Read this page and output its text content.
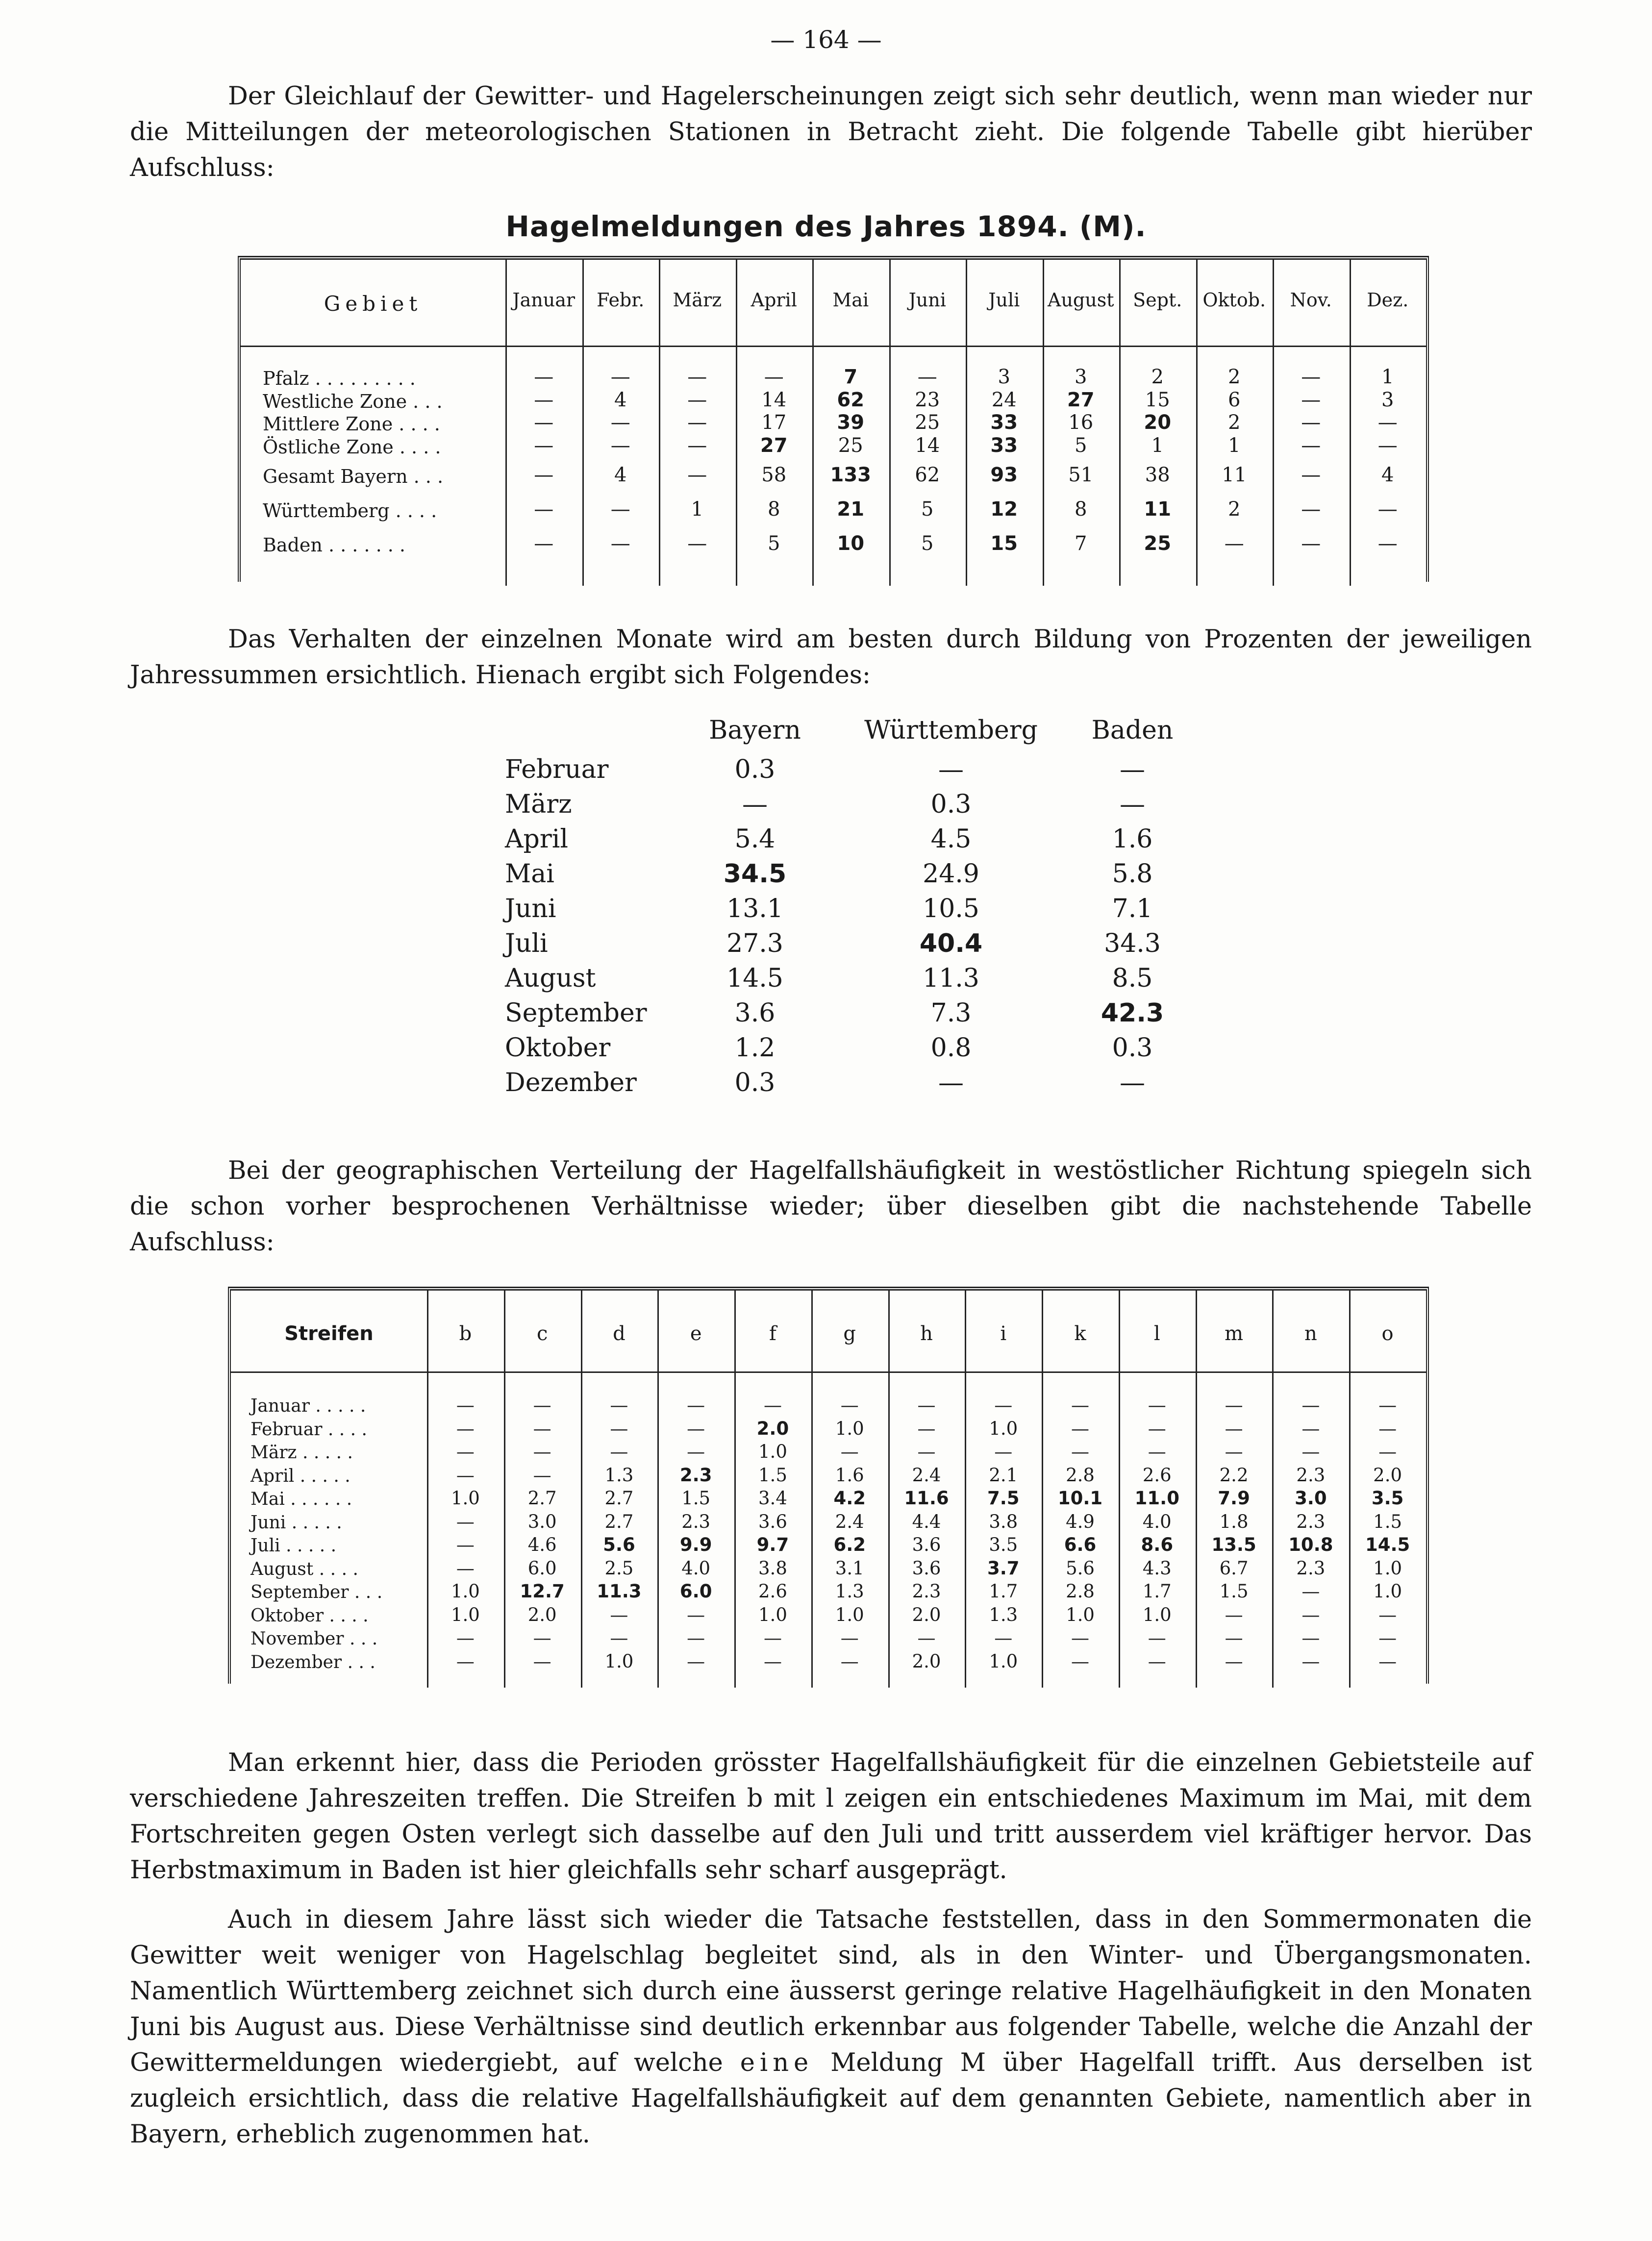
— 164 —
Der Gleichlauf der Gewitter- und Hagelerscheinungen zeigt sich sehr deutlich, wenn man wieder nur die Mitteilungen der meteorologischen Stationen in Betracht zieht. Die folgende Tabelle gibt hierüber Aufschluss:
Hagelmeldungen des Jahres 1894. (M).
Gebiet	Januar	Febr.	März	April	Mai	Juni	Juli	August	Sept.	Oktob.	Nov.	Dez.
Pfalz . . . . . . . . .	—	—	—	—	7	—	3	3	2	2	—	1
Westliche Zone . . .	—	4	—	14	62	23	24	27	15	6	—	3
Mittlere Zone . . . .	—	—	—	17	39	25	33	16	20	2	—	—
Östliche Zone . . . .	—	—	—	27	25	14	33	5	1	1	—	—
Gesamt Bayern . . .	—	4	—	58	133	62	93	51	38	11	—	4
Württemberg . . . .	—	—	1	8	21	5	12	8	11	2	—	—
Baden . . . . . . .	—	—	—	5	10	5	15	7	25	—	—	—
Das Verhalten der einzelnen Monate wird am besten durch Bildung von Prozenten der jeweiligen Jahressummen ersichtlich. Hienach ergibt sich Folgendes:
Bayern	Württemberg	Baden
Februar	0.3	—	—
März	—	0.3	—
April	5.4	4.5	1.6
Mai	34.5	24.9	5.8
Juni	13.1	10.5	7.1
Juli	27.3	40.4	34.3
August	14.5	11.3	8.5
September	3.6	7.3	42.3
Oktober	1.2	0.8	0.3
Dezember	0.3	—	—
Bei der geographischen Verteilung der Hagelfallshäufigkeit in westöstlicher Richtung spiegeln sich die schon vorher besprochenen Verhältnisse wieder; über dieselben gibt die nachstehende Tabelle Aufschluss:
Streifen	b	c	d	e	f	g	h	i	k	l	m	n	o
Januar . . . . .	—	—	—	—	—	—	—	—	—	—	—	—	—
Februar . . . .	—	—	—	—	2.0	1.0	—	1.0	—	—	—	—	—
März . . . . .	—	—	—	—	1.0	—	—	—	—	—	—	—	—
April . . . . .	—	—	1.3	2.3	1.5	1.6	2.4	2.1	2.8	2.6	2.2	2.3	2.0
Mai . . . . . .	1.0	2.7	2.7	1.5	3.4	4.2	11.6	7.5	10.1	11.0	7.9	3.0	3.5
Juni . . . . .	—	3.0	2.7	2.3	3.6	2.4	4.4	3.8	4.9	4.0	1.8	2.3	1.5
Juli . . . . .	—	4.6	5.6	9.9	9.7	6.2	3.6	3.5	6.6	8.6	13.5	10.8	14.5
August . . . .	—	6.0	2.5	4.0	3.8	3.1	3.6	3.7	5.6	4.3	6.7	2.3	1.0
September . . .	1.0	12.7	11.3	6.0	2.6	1.3	2.3	1.7	2.8	1.7	1.5	—	1.0
Oktober . . . .	1.0	2.0	—	—	1.0	1.0	2.0	1.3	1.0	1.0	—	—	—
November . . .	—	—	—	—	—	—	—	—	—	—	—	—	—
Dezember . . .	—	—	1.0	—	—	—	2.0	1.0	—	—	—	—	—
Man erkennt hier, dass die Perioden grösster Hagelfallshäufigkeit für die einzelnen Gebietsteile auf verschiedene Jahreszeiten treffen. Die Streifen b mit l zeigen ein entschiedenes Maximum im Mai, mit dem Fortschreiten gegen Osten verlegt sich dasselbe auf den Juli und tritt ausserdem viel kräftiger hervor. Das Herbstmaximum in Baden ist hier gleichfalls sehr scharf ausgeprägt.
Auch in diesem Jahre lässt sich wieder die Tatsache feststellen, dass in den Sommermonaten die Gewitter weit weniger von Hagelschlag begleitet sind, als in den Winter- und Übergangsmonaten. Namentlich Württemberg zeichnet sich durch eine äusserst geringe relative Hagelhäufigkeit in den Monaten Juni bis August aus. Diese Verhältnisse sind deutlich erkennbar aus folgender Tabelle, welche die Anzahl der Gewittermeldungen wiedergiebt, auf welche eine Meldung M über Hagelfall trifft. Aus derselben ist zugleich ersichtlich, dass die relative Hagelfallshäufigkeit auf dem genannten Gebiete, namentlich aber in Bayern, erheblich zugenommen hat.
